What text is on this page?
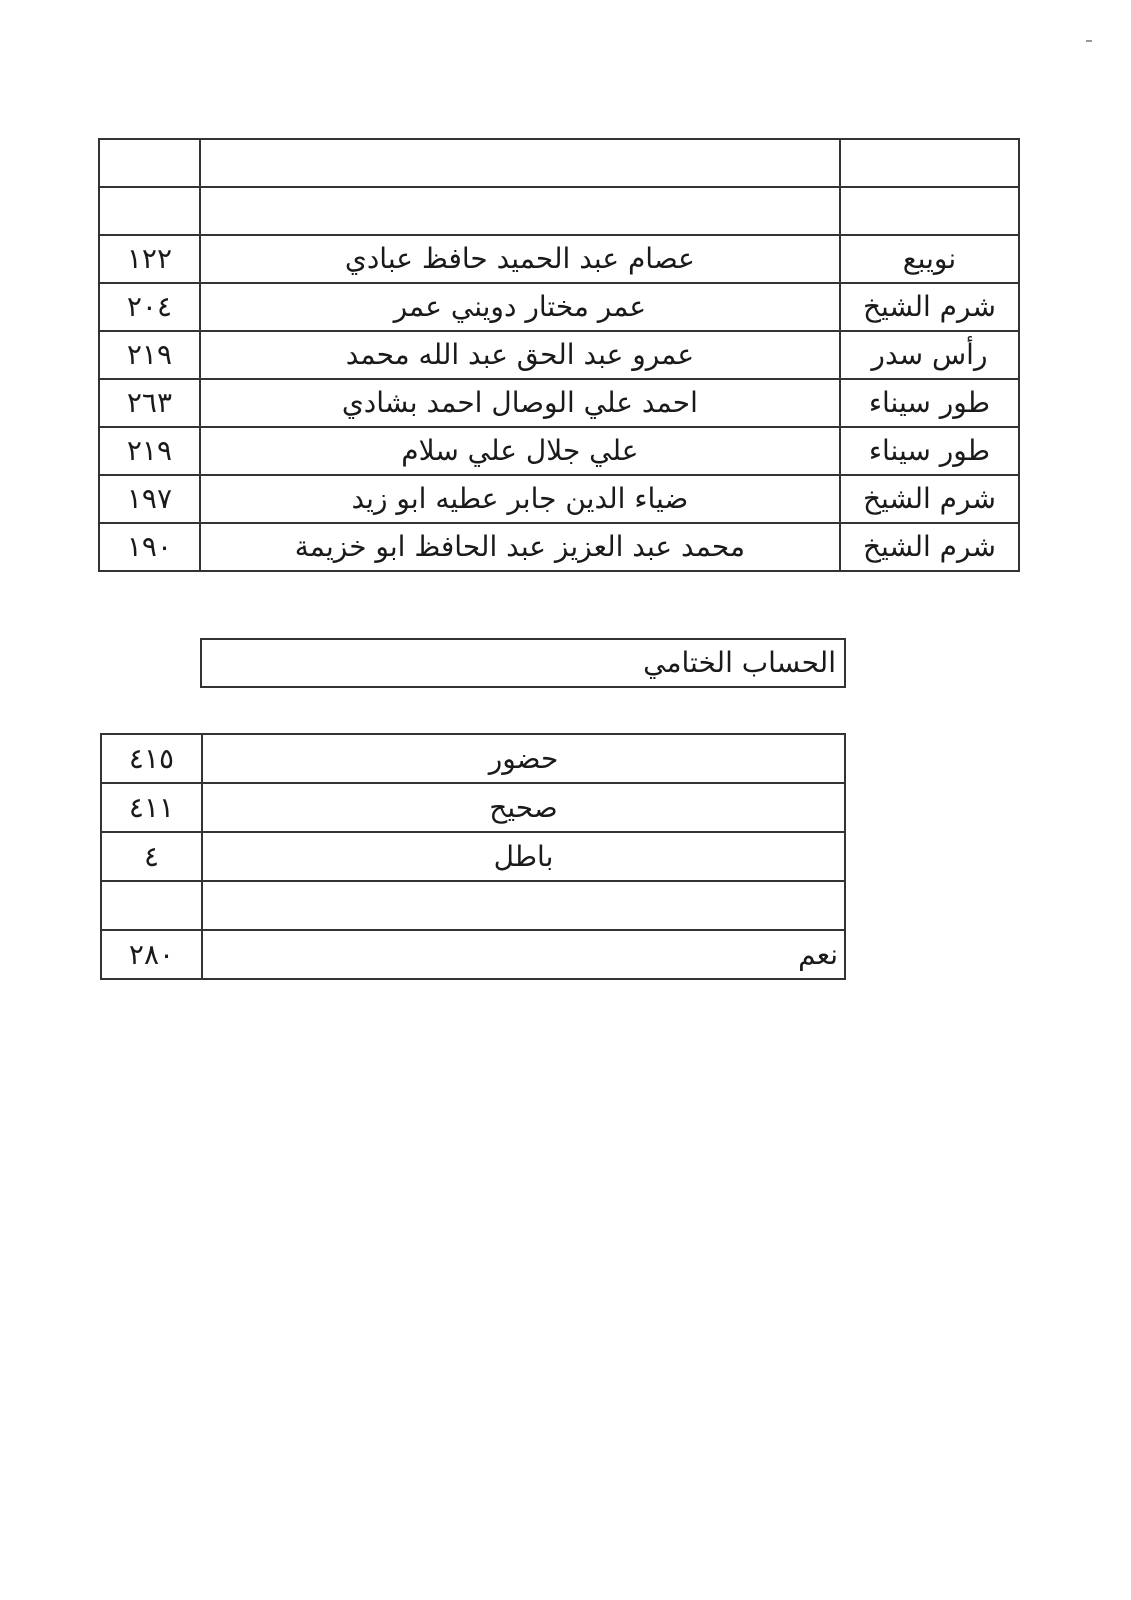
١٢٢	عصام عبد الحميد حافظ عبادي	نويبع
٢٠٤	عمر مختار دويني عمر	شرم الشيخ
٢١٩	عمرو عبد الحق عبد الله محمد	رأس سدر
٢٦٣	احمد علي الوصال احمد بشادي	طور سيناء
٢١٩	علي جلال علي سلام	طور سيناء
١٩٧	ضياء الدين جابر عطيه ابو زيد	شرم الشيخ
١٩٠	محمد عبد العزيز عبد الحافظ ابو خزيمة	شرم الشيخ
الحساب الختامي
٤١٥	حضور
٤١١	صحيح
٤	باطل

٢٨٠	نعم
